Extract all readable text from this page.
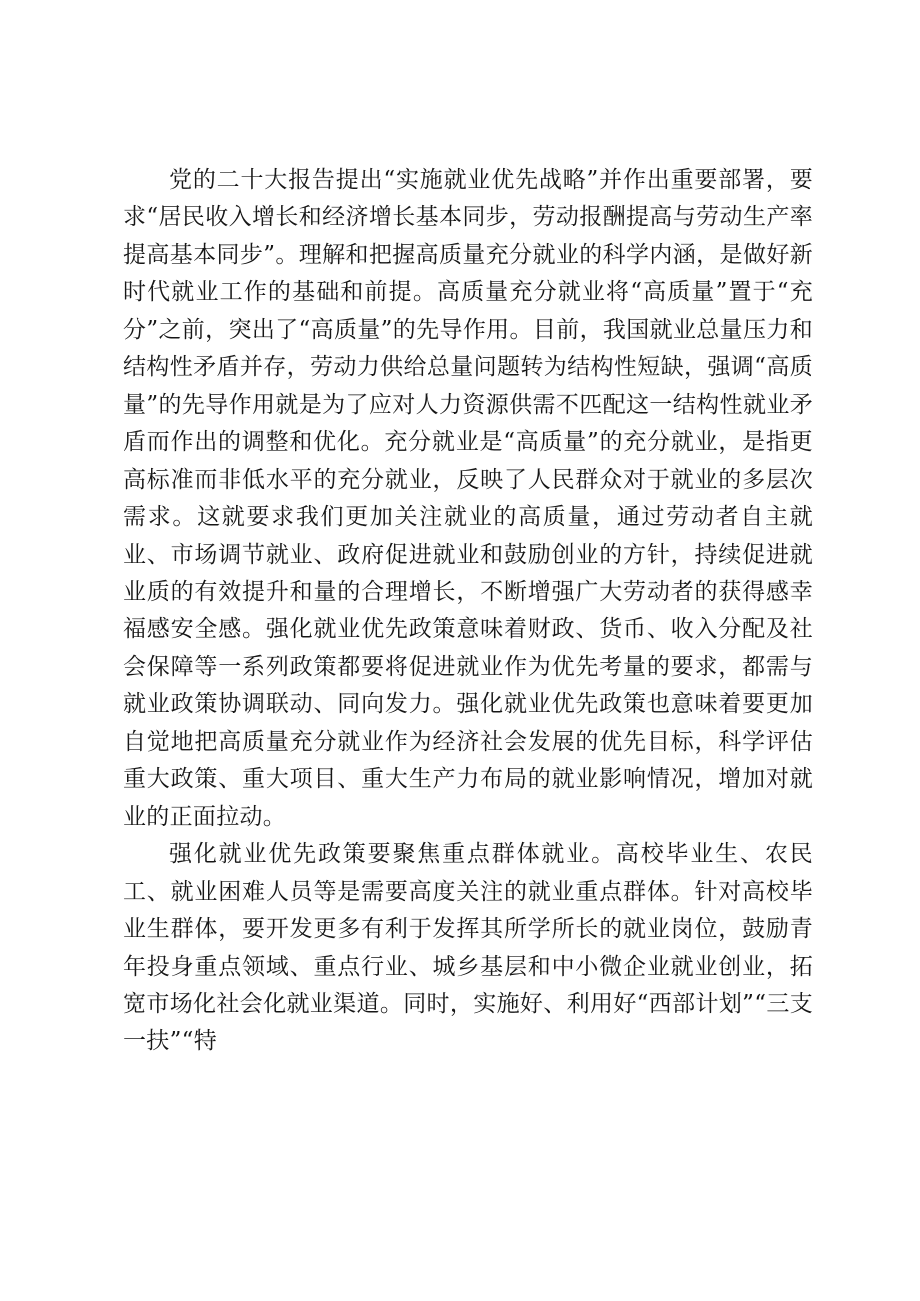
党的二十大报告提出“实施就业优先战略”并作出重要部署，要求“居民收入增长和经济增长基本同步，劳动报酬提高与劳动生产率提高基本同步”。理解和把握高质量充分就业的科学内涵，是做好新时代就业工作的基础和前提。高质量充分就业将“高质量”置于“充分”之前，突出了“高质量”的先导作用。目前，我国就业总量压力和结构性矛盾并存，劳动力供给总量问题转为结构性短缺，强调“高质量”的先导作用就是为了应对人力资源供需不匹配这一结构性就业矛盾而作出的调整和优化。充分就业是“高质量”的充分就业，是指更高标准而非低水平的充分就业，反映了人民群众对于就业的多层次需求。这就要求我们更加关注就业的高质量，通过劳动者自主就业、市场调节就业、政府促进就业和鼓励创业的方针，持续促进就业质的有效提升和量的合理增长，不断增强广大劳动者的获得感幸福感安全感。强化就业优先政策意味着财政、货币、收入分配及社会保障等一系列政策都要将促进就业作为优先考量的要求，都需与就业政策协调联动、同向发力。强化就业优先政策也意味着要更加自觉地把高质量充分就业作为经济社会发展的优先目标，科学评估重大政策、重大项目、重大生产力布局的就业影响情况，增加对就业的正面拉动。

强化就业优先政策要聚焦重点群体就业。高校毕业生、农民工、就业困难人员等是需要高度关注的就业重点群体。针对高校毕业生群体，要开发更多有利于发挥其所学所长的就业岗位，鼓励青年投身重点领域、重点行业、城乡基层和中小微企业就业创业，拓宽市场化社会化就业渠道。同时，实施好、利用好“西部计划”“三支一扶”“特
